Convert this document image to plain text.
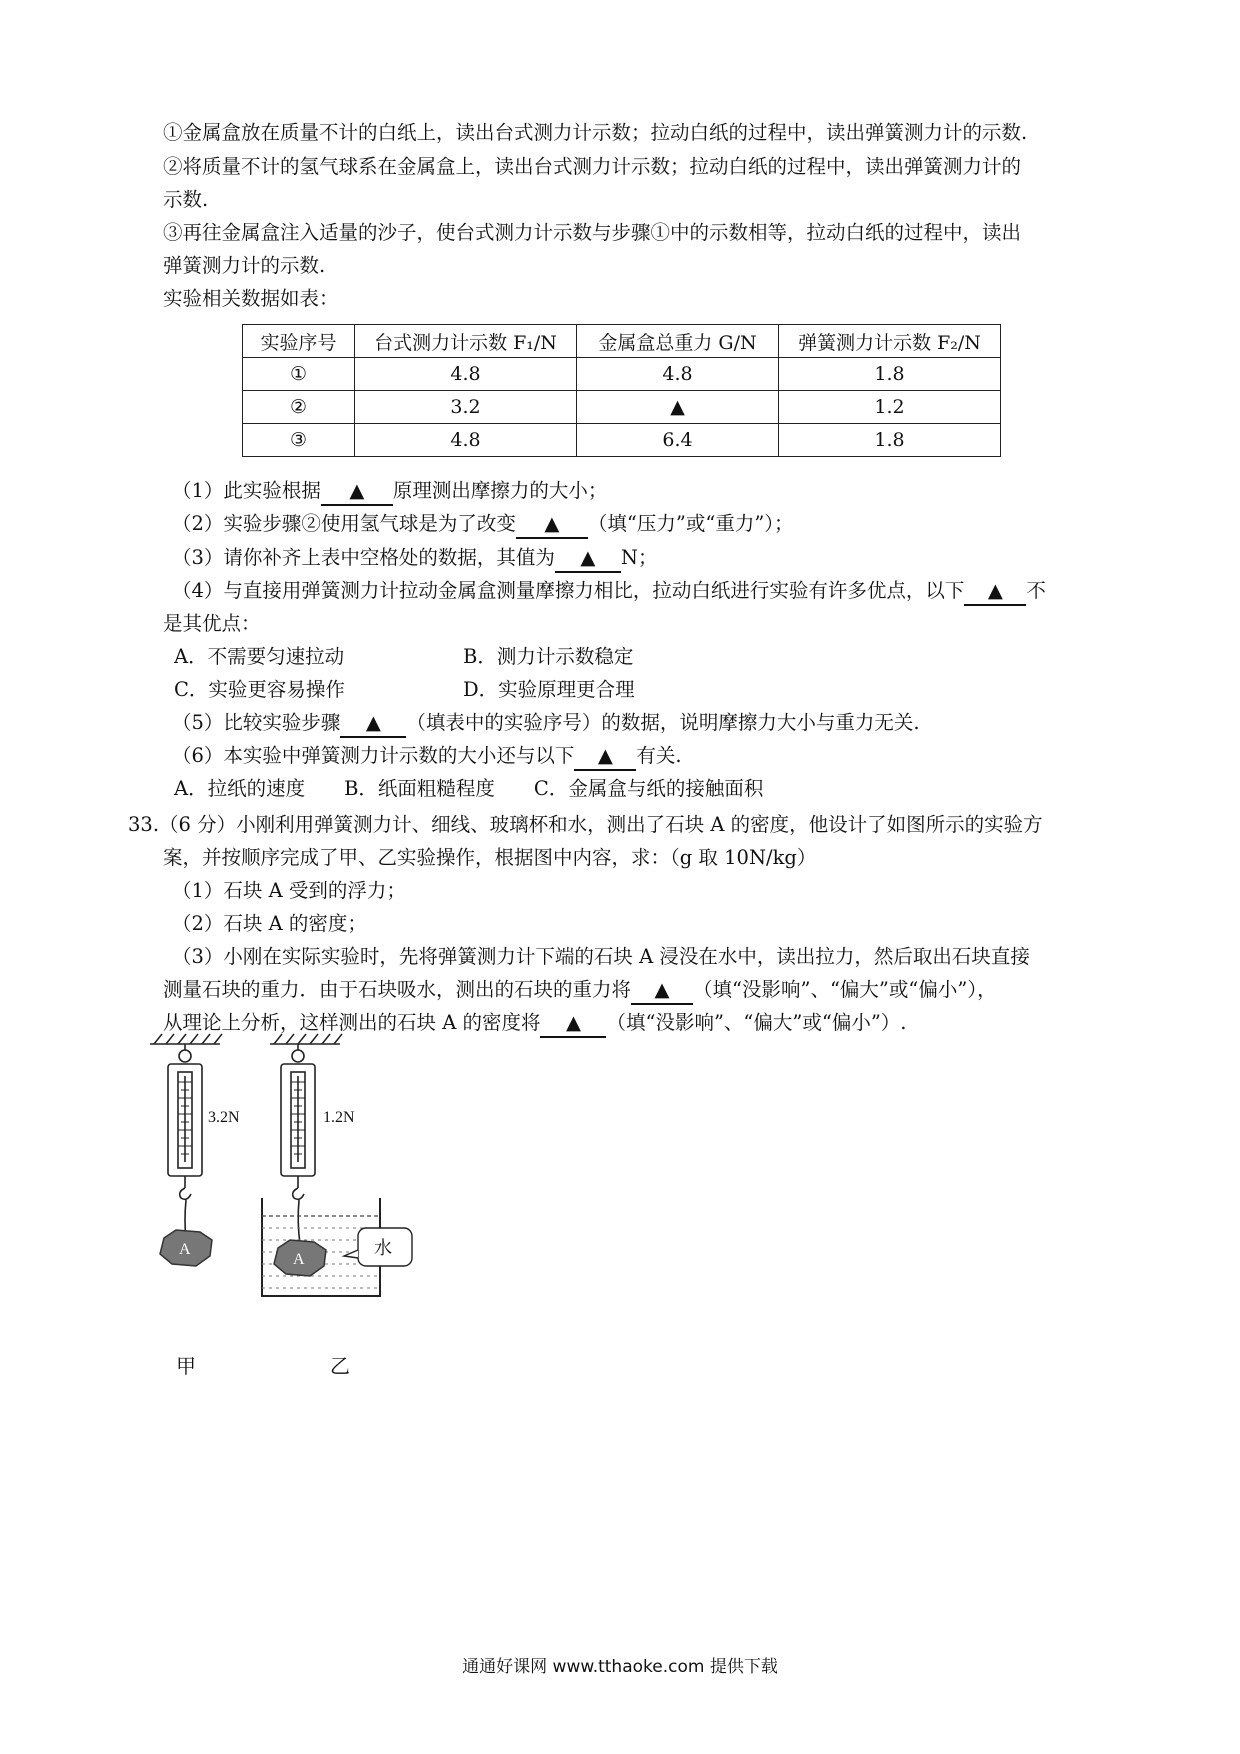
①金属盒放在质量不计的白纸上，读出台式测力计示数；拉动白纸的过程中，读出弹簧测力计的示数.
②将质量不计的氢气球系在金属盒上，读出台式测力计示数；拉动白纸的过程中，读出弹簧测力计的
示数.
③再往金属盒注入适量的沙子，使台式测力计示数与步骤①中的示数相等，拉动白纸的过程中，读出
弹簧测力计的示数.
实验相关数据如表：
实验序号	台式测力计示数 F₁/N	金属盒总重力 G/N	弹簧测力计示数 F₂/N
①	4.8	4.8	1.8
②	3.2	▲	1.2
③	4.8	6.4	1.8
（1）此实验根据 ▲ 原理测出摩擦力的大小；
（2）实验步骤②使用氢气球是为了改变 ▲ （填“压力”或“重力”）；
（3）请你补齐上表中空格处的数据，其值为 ▲ N；
（4）与直接用弹簧测力计拉动金属盒测量摩擦力相比，拉动白纸进行实验有许多优点，以下 ▲ 不
是其优点：
A．不需要匀速拉动	B．测力计示数稳定
C．实验更容易操作	D．实验原理更合理
（5）比较实验步骤 ▲ （填表中的实验序号）的数据，说明摩擦力大小与重力无关.
（6）本实验中弹簧测力计示数的大小还与以下 ▲ 有关.
A．拉纸的速度　　B．纸面粗糙程度　　C．金属盒与纸的接触面积
33.（6 分）小刚利用弹簧测力计、细线、玻璃杯和水，测出了石块 A 的密度，他设计了如图所示的实验方
案，并按顺序完成了甲、乙实验操作，根据图中内容，求：（g 取 10N/kg）
（1）石块 A 受到的浮力；
（2）石块 A 的密度；
（3）小刚在实际实验时，先将弹簧测力计下端的石块 A 浸没在水中，读出拉力，然后取出石块直接
测量石块的重力．由于石块吸水，测出的石块的重力将 ▲ （填“没影响”、“偏大”或“偏小”），
从理论上分析，这样测出的石块 A 的密度将 ▲ （填“没影响”、“偏大”或“偏小”）.
3.2N
A
1.2N
A
水
甲	乙
通通好课网 www.tthaoke.com 提供下载
